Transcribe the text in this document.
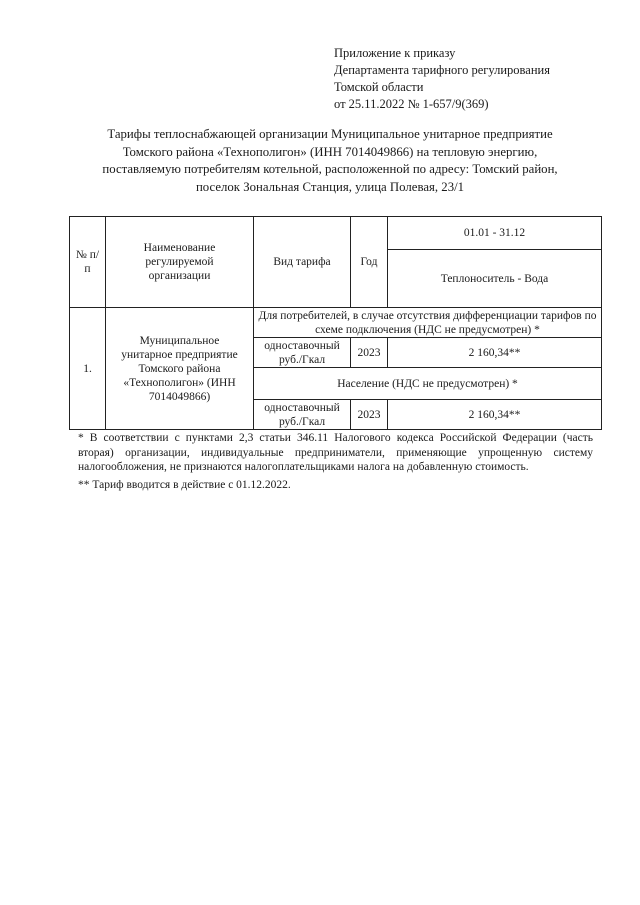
Приложение к приказу
Департамента тарифного регулирования
Томской области
от 25.11.2022 № 1-657/9(369)
Тарифы теплоснабжающей организации Муниципальное унитарное предприятие
Томского района «Технополигон» (ИНН 7014049866) на тепловую энергию,
поставляемую потребителям котельной, расположенной по адресу: Томский район,
поселок Зональная Станция, улица Полевая, 23/1
№ п/п	Наименование регулируемой организации	Вид тарифа	Год	01.01 - 31.12
				Теплоноситель - Вода
1.	Муниципальное унитарное предприятие Томского района «Технополигон» (ИНН 7014049866)	Для потребителей, в случае отсутствия дифференциации тарифов по схеме подключения (НДС не предусмотрен) *		
		одноставочный руб./Гкал	2023	2 160,34**
		Население (НДС не предусмотрен) *		
		одноставочный руб./Гкал	2023	2 160,34**

* В соответствии с пунктами 2,3 статьи 346.11 Налогового кодекса Российской Федерации (часть вторая) организации, индивидуальные предприниматели, применяющие упрощенную систему налогообложения, не признаются налогоплательщиками налога на добавленную стоимость.

** Тариф вводится в действие с 01.12.2022.
